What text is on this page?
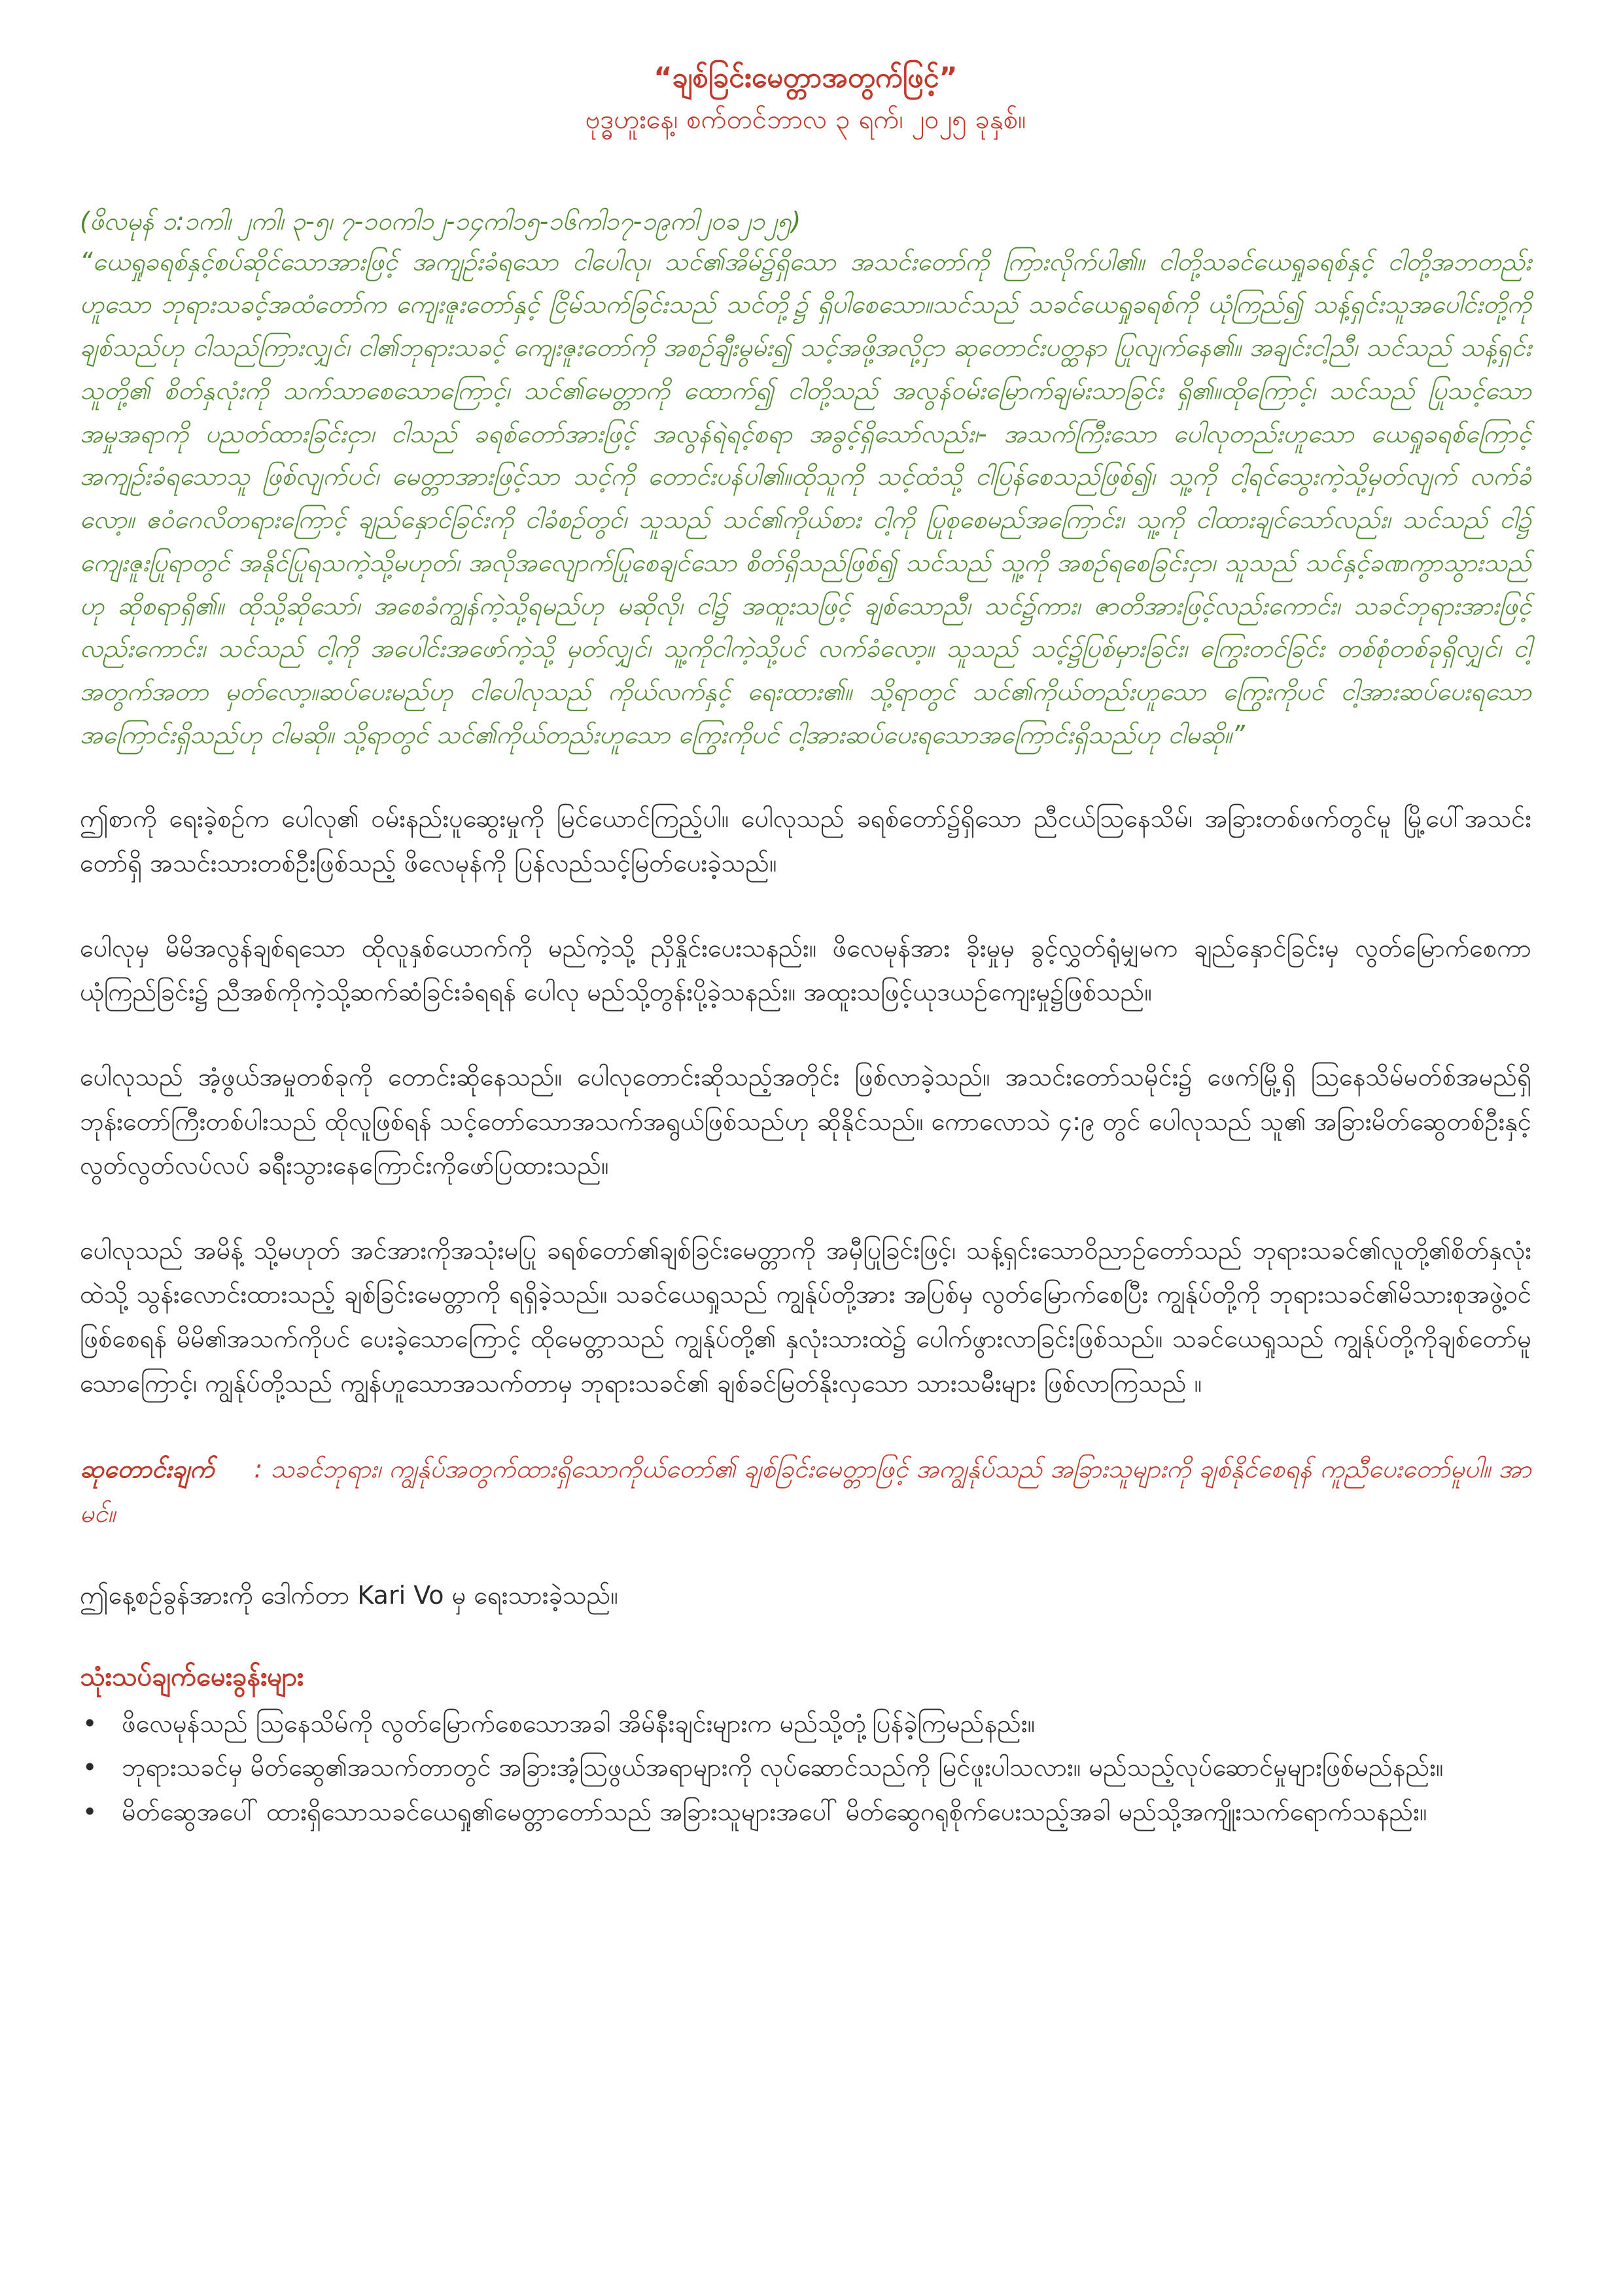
“ချစ်ခြင်းမေတ္တာအတွက်ဖြင့်”
ဗုဒ္ဓဟူးနေ့၊ စက်တင်ဘာလ ၃ ရက်၊ ၂၀၂၅ ခုနှစ်။
(ဖိလမုန် ၁:၁ကါ၊ ၂ကါ၊ ၃-၅၊ ၇-၁၀ကါ၁၂-၁၄ကါ၁၅-၁၆ကါ၁၇-၁၉ကါ၂၀ခ၂၁၂၅)
“ယေရှုခရစ်နှင့်စပ်ဆိုင်သောအားဖြင့် အကျဉ်းခံရသော ငါပေါလု၊ သင်၏အိမ်၌ရှိသော အသင်းတော်ကို ကြားလိုက်ပါ၏။ ငါတို့သခင်ယေရှုခရစ်နှင့် ငါတို့အဘတည်းဟူသော ဘုရားသခင့်အထံတော်က ကျေးဇူးတော်နှင့် ငြိမ်သက်ခြင်းသည် သင်တို့၌ ရှိပါစေသော။သင်သည် သခင်ယေရှုခရစ်ကို ယုံကြည်၍ သန့်ရှင်းသူအပေါင်းတို့ကို ချစ်သည်ဟု ငါသည်ကြားလျှင်၊ ငါ၏ဘုရားသခင့် ကျေးဇူးတော်ကို အစဉ်ချီးမွမ်း၍ သင့်အဖို့အလို့ငှာ ဆုတောင်းပတ္ထနာ ပြုလျက်နေ၏။ အချင်းငါ့ညီ၊ သင်သည် သန့်ရှင်းသူတို့၏ စိတ်နှလုံးကို သက်သာစေသောကြောင့်၊ သင်၏မေတ္တာကို ထောက်၍ ငါတို့သည် အလွန်ဝမ်းမြောက်ချမ်းသာခြင်း ရှိ၏။ထိုကြောင့်၊ သင်သည် ပြုသင့်သောအမှုအရာကို ပညတ်ထားခြင်းငှာ၊ ငါသည် ခရစ်တော်အားဖြင့် အလွန်ရဲရင့်စရာ အခွင့်ရှိသော်လည်း၊- အသက်ကြီးသော ပေါလုတည်းဟူသော ယေရှုခရစ်ကြောင့် အကျဉ်းခံရသောသူ ဖြစ်လျက်ပင်၊ မေတ္တာအားဖြင့်သာ သင့်ကို တောင်းပန်ပါ၏။ထိုသူကို သင့်ထံသို့ ငါပြန်စေသည်ဖြစ်၍၊ သူ့ကို ငါ့ရင်သွေးကဲ့သို့မှတ်လျက် လက်ခံလော့။ ဧဝံဂေလိတရားကြောင့် ချည်နှောင်ခြင်းကို ငါခံစဉ်တွင်၊ သူသည် သင်၏ကိုယ်စား ငါ့ကို ပြုစုစေမည်အကြောင်း၊ သူ့ကို ငါထားချင်သော်လည်း၊ သင်သည် ငါ၌ ကျေးဇူးပြုရာတွင် အနိုင်ပြုရသကဲ့သို့မဟုတ်၊ အလိုအလျောက်ပြုစေချင်သော စိတ်ရှိသည်ဖြစ်၍ သင်သည် သူ့ကို အစဉ်ရစေခြင်းငှာ၊ သူသည် သင်နှင့်ခဏကွာသွားသည်ဟု ဆိုစရာရှိ၏။ ထိုသို့ဆိုသော်၊ အစေခံကျွန်ကဲ့သို့ရမည်ဟု မဆိုလို၊ ငါ၌ အထူးသဖြင့် ချစ်သောညီ၊ သင်၌ကား၊ ဇာတိအားဖြင့်လည်းကောင်း၊ သခင်ဘုရားအားဖြင့်လည်းကောင်း၊ သင်သည် ငါ့ကို အပေါင်းအဖော်ကဲ့သို့ မှတ်လျှင်၊ သူ့ကိုငါကဲ့သို့ပင် လက်ခံလော့။ သူသည် သင့်၌ပြစ်မှားခြင်း၊ ကြွေးတင်ခြင်း တစ်စုံတစ်ခုရှိလျှင်၊ ငါ့အတွက်အတာ မှတ်လော့။ဆပ်ပေးမည်ဟု ငါပေါလုသည် ကိုယ်လက်နှင့် ရေးထား၏။ သို့ရာတွင် သင်၏ကိုယ်တည်းဟူသော ကြွေးကိုပင် ငါ့အားဆပ်ပေးရသောအကြောင်းရှိသည်ဟု ငါမဆို။ သို့ရာတွင် သင်၏ကိုယ်တည်းဟူသော ကြွေးကိုပင် ငါ့အားဆပ်ပေးရသောအကြောင်းရှိသည်ဟု ငါမဆို။”
ဤစာကို ရေးခဲ့စဉ်က ပေါလု၏ ဝမ်းနည်းပူဆွေးမှုကို မြင်ယောင်ကြည့်ပါ။ ပေါလုသည် ခရစ်တော်၌ရှိသော ညီငယ်ဩနေသိမ်၊ အခြားတစ်ဖက်တွင်မူ မြို့ပေါ်အသင်းတော်ရှိ အသင်းသားတစ်ဦးဖြစ်သည့် ဖိလေမုန်ကို ပြန်လည်သင့်မြတ်ပေးခဲ့သည်။
ပေါလုမှ မိမိအလွန်ချစ်ရသော ထိုလူနှစ်ယောက်ကို မည်ကဲ့သို့ ညှိနှိုင်းပေးသနည်း။ ဖိလေမုန်အား ခိုးမှုမှ ခွင့်လွှတ်ရုံမျှမက ချည်နှောင်ခြင်းမှ လွတ်မြောက်စေကာ ယုံကြည်ခြင်း၌ ညီအစ်ကိုကဲ့သို့ဆက်ဆံခြင်းခံရရန် ပေါလု မည်သို့တွန်းပို့ခဲ့သနည်း။ အထူးသဖြင့်ယုဒယဉ်ကျေးမှု၌ဖြစ်သည်။
ပေါလုသည် အံ့ဖွယ်အမှုတစ်ခုကို တောင်းဆိုနေသည်။ ပေါလုတောင်းဆိုသည့်အတိုင်း ဖြစ်လာခဲ့သည်။ အသင်းတော်သမိုင်း၌ ဖေက်မြို့ရှိ ဩနေသိမ်မတ်စ်အမည်ရှိ ဘုန်းတော်ကြီးတစ်ပါးသည် ထိုလူဖြစ်ရန် သင့်တော်သောအသက်အရွယ်ဖြစ်သည်ဟု ဆိုနိုင်သည်။ ကောလောသဲ ၄:၉ တွင် ပေါလုသည် သူ၏ အခြားမိတ်ဆွေတစ်ဦးနှင့်လွတ်လွတ်လပ်လပ် ခရီးသွားနေကြောင်းကိုဖော်ပြထားသည်။
ပေါလုသည် အမိန့် သို့မဟုတ် အင်အားကိုအသုံးမပြု ခရစ်တော်၏ချစ်ခြင်းမေတ္တာကို အမှီပြုခြင်းဖြင့်၊ သန့်ရှင်းသောဝိညာဉ်တော်သည် ဘုရားသခင်၏လူတို့၏စိတ်နှလုံးထဲသို့ သွန်းလောင်းထားသည့် ချစ်ခြင်းမေတ္တာကို ရရှိခဲ့သည်။ သခင်ယေရှုသည် ကျွန်ုပ်တို့အား အပြစ်မှ လွတ်မြောက်စေပြီး ကျွန်ုပ်တို့ကို ဘုရားသခင်၏မိသားစုအဖွဲ့ဝင်ဖြစ်စေရန် မိမိ၏အသက်ကိုပင် ပေးခဲ့သောကြောင့် ထိုမေတ္တာသည် ကျွန်ုပ်တို့၏ နှလုံးသားထဲ၌ ပေါက်ဖွားလာခြင်းဖြစ်သည်။ သခင်ယေရှုသည် ကျွန်ုပ်တို့ကိုချစ်တော်မူသောကြောင့်၊ ကျွန်ုပ်တို့သည် ကျွန်ဟူသောအသက်တာမှ ဘုရားသခင်၏ ချစ်ခင်မြတ်နိုးလှသော သားသမီးများ ဖြစ်လာကြသည် ။
ဆုတောင်းချက် : သခင်ဘုရား၊ ကျွန်ုပ်အတွက်ထားရှိသောကိုယ်တော်၏ ချစ်ခြင်းမေတ္တာဖြင့် အကျွန်ုပ်သည် အခြားသူများကို ချစ်နိုင်စေရန် ကူညီပေးတော်မူပါ။ အာမင်။
ဤနေ့စဉ်ခွန်အားကို ဒေါက်တာ Kari Vo မှ ရေးသားခဲ့သည်။
သုံးသပ်ချက်မေးခွန်းများ
• ဖိလေမုန်သည် ဩနေသိမ်ကို လွတ်မြောက်စေသောအခါ အိမ်နီးချင်းများက မည်သို့တုံ့ပြန်ခဲ့ကြမည်နည်း။
• ဘုရားသခင်မှ မိတ်ဆွေ၏အသက်တာတွင် အခြားအံ့သြဖွယ်အရာများကို လုပ်ဆောင်သည်ကို မြင်ဖူးပါသလား။ မည်သည့်လုပ်ဆောင်မှုများဖြစ်မည်နည်း။
• မိတ်ဆွေအပေါ် ထားရှိသောသခင်ယေရှု၏မေတ္တာတော်သည် အခြားသူများအပေါ် မိတ်ဆွေဂရုစိုက်ပေးသည့်အခါ မည်သို့အကျိုးသက်ရောက်သနည်း။
